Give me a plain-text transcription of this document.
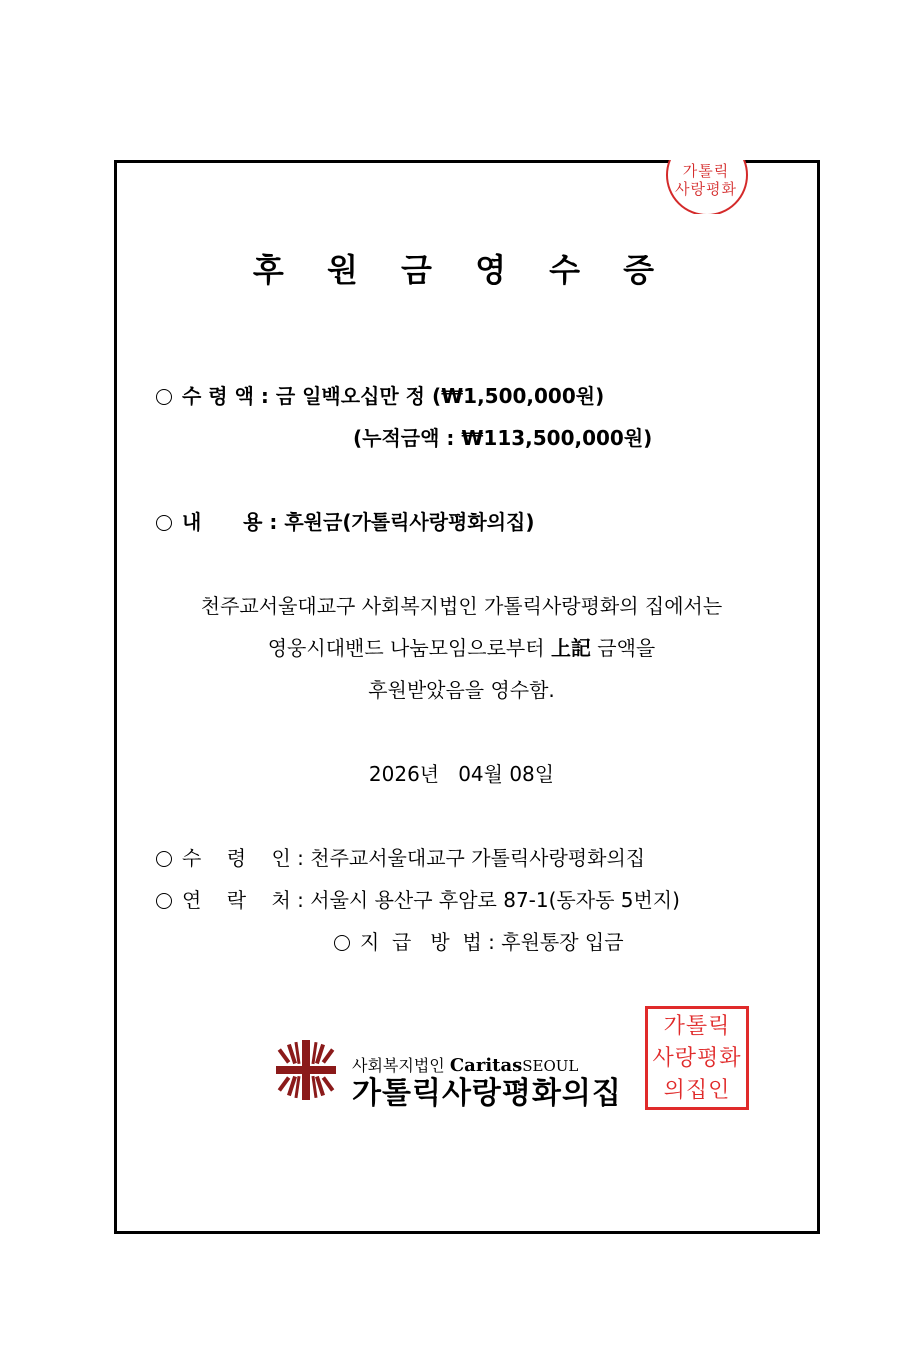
가톨릭
사랑평화
후 원 금 영 수 증
수 령 액 : 금 일백오십만 정 (₩1,500,000원)
(누적금액 : ₩113,500,000원)
내      용 : 후원금(가톨릭사랑평화의집)
천주교서울대교구 사회복지법인 가톨릭사랑평화의 집에서는
영웅시대밴드 나눔모임으로부터 上記 금액을
후원받았음을 영수함.
2026년   04월 08일
수    령    인 : 천주교서울대교구 가톨릭사랑평화의집
연    락    처 : 서울시 용산구 후암로 87-1(동자동 5번지)
지  급   방  법 : 후원통장 입금
사회복지법인 CaritasSEOUL
가톨릭사랑평화의집
가톨릭
사랑평화
의집인
